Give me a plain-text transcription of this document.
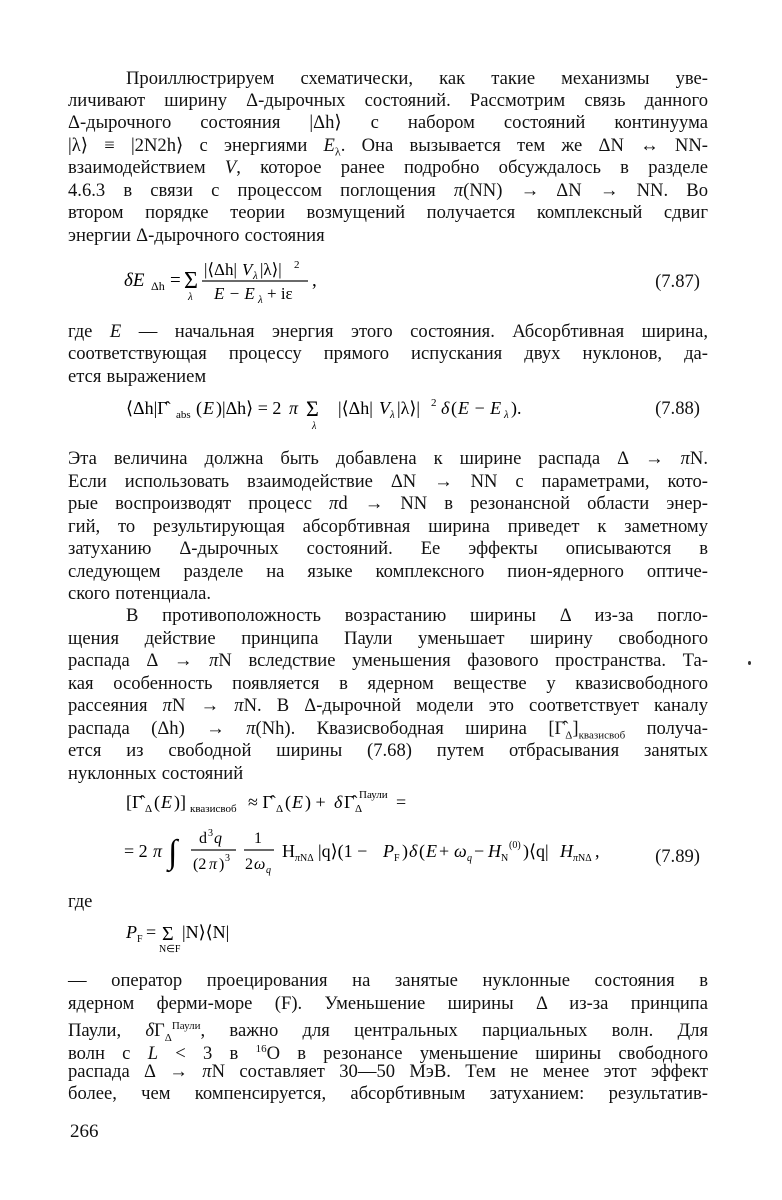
Проиллюстрируем схематически, как такие механизмы уве-
личивают ширину Δ-дырочных состояний. Рассмотрим связь данного
Δ-дырочного состояния |Δh⟩ с набором состояний континуума
|λ⟩ ≡ |2N2h⟩ с энергиями $E_\lambda$. Она вызывается тем же ΔN ↔ NN-
взаимодействием V, которое ранее подробно обсуждалось в разделе
4.6.3 в связи с процессом поглощения π(NN) → ΔN → NN. Во
втором порядке теории возмущений получается комплексный сдвиг
энергии Δ-дырочного состояния
δE Δh = Σ
λ
|⟨Δh| V λ |λ⟩| 2
E − E λ + iε
,	(7.87)
где E — начальная энергия этого состояния. Абсорбтивная ширина,
соответствующая процессу прямого испускания двух нуклонов, да-
ется выражением
⟨Δh|Γ̂ abs ( E )|Δh⟩ = 2 π Σ
λ
|⟨Δh| V λ |λ⟩| 2 δ ( E − E λ ).	(7.88)
Эта величина должна быть добавлена к ширине распада Δ → πN.
Если использовать взаимодействие ΔN → NN с параметрами, кото-
рые воспроизводят процесс πd → NN в резонансной области энер-
гий, то результирующая абсорбтивная ширина приведет к заметному
затуханию Δ-дырочных состояний. Ее эффекты описываются в
следующем разделе на языке комплексного пион-ядерного оптиче-
ского потенциала.
В противоположность возрастанию ширины Δ из-за погло-
щения действие принципа Паули уменьшает ширину свободного
распада Δ → πN вследствие уменьшения фазового пространства. Та-
кая особенность появляется в ядерном веществе у квазисвободного
рассеяния πN → πN. В Δ-дырочной модели это соответствует каналу
распада (Δh) → π(Nh). Квазисвободная ширина $[\Gammâ_\Delta]_{квазисвоб}$ получа-
ется из свободной ширины (7.68) путем отбрасывания занятых
нуклонных состояний
[Γ̂ Δ ( E )] квазисвоб ≈ Γ̂ Δ ( E ) + δ Γ̂ Δ
Паули =
= 2 π ∫ d 3 q
(2 π ) 3
1
2 ω q
H πNΔ |q⟩(1 − P F ) δ ( E + ω q − H N
(0) )⟨q| H πNΔ ,	(7.89)
где
P F = Σ
N∈F
|N⟩⟨N|
— оператор проецирования на занятые нуклонные состояния в
ядерном ферми-море (F). Уменьшение ширины Δ из-за принципа
Паули, $\delta\Gamma_\Delta^{Паули}$, важно для центральных парциальных волн. Для
волн с L < 3 в $^{16}$O в резонансе уменьшение ширины свободного
распада Δ → πN составляет 30—50 МэВ. Тем не менее этот эффект
более, чем компенсируется, абсорбтивным затуханием: результатив-
266
